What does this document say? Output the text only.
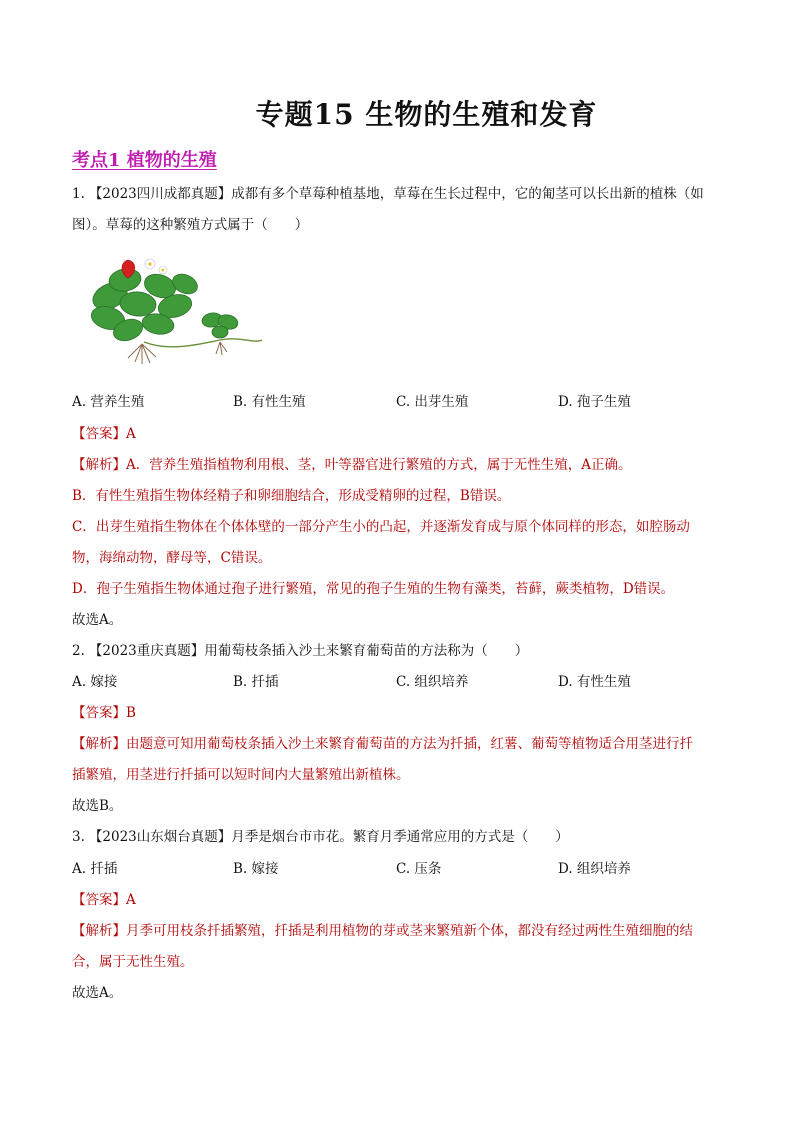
专题15 生物的生殖和发育
考点1 植物的生殖
1. 【2023四川成都真题】成都有多个草莓种植基地，草莓在生长过程中，它的匍茎可以长出新的植株（如
图）。草莓的这种繁殖方式属于（　　）
A. 营养生殖	B. 有性生殖	C. 出芽生殖	D. 孢子生殖
【答案】A
【解析】A．营养生殖指植物利用根、茎，叶等器官进行繁殖的方式，属于无性生殖，A正确。
B．有性生殖指生物体经精子和卵细胞结合，形成受精卵的过程，B错误。
C．出芽生殖指生物体在个体体壁的一部分产生小的凸起，并逐渐发育成与原个体同样的形态，如腔肠动
物，海绵动物，酵母等，C错误。
D．孢子生殖指生物体通过孢子进行繁殖，常见的孢子生殖的生物有藻类，苔藓，蕨类植物，D错误。
故选A。
2. 【2023重庆真题】用葡萄枝条插入沙土来繁育葡萄苗的方法称为（　　）
A. 嫁接	B. 扦插	C. 组织培养	D. 有性生殖
【答案】B
【解析】由题意可知用葡萄枝条插入沙土来繁育葡萄苗的方法为扦插，红薯、葡萄等植物适合用茎进行扦
插繁殖，用茎进行扦插可以短时间内大量繁殖出新植株。
故选B。
3. 【2023山东烟台真题】月季是烟台市市花。繁育月季通常应用的方式是（　　）
A. 扦插	B. 嫁接	C. 压条	D. 组织培养
【答案】A
【解析】月季可用枝条扦插繁殖，扦插是利用植物的芽或茎来繁殖新个体，都没有经过两性生殖细胞的结
合，属于无性生殖。
故选A。
